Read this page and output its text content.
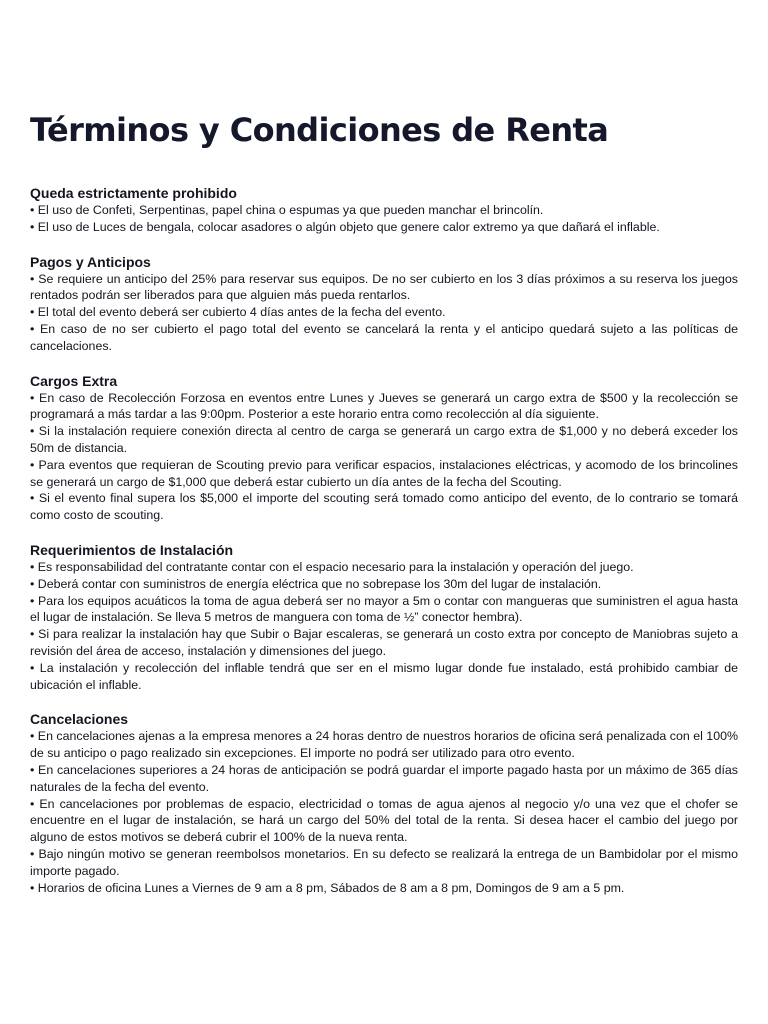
Términos y Condiciones de Renta
Queda estrictamente prohibido

• El uso de Confeti, Serpentinas, papel china o espumas ya que pueden manchar el brincolín.

• El uso de Luces de bengala, colocar asadores o algún objeto que genere calor extremo ya que dañará el inflable.

Pagos y Anticipos

• Se requiere un anticipo del 25% para reservar sus equipos. De no ser cubierto en los 3 días próximos a su reserva los juegos rentados podrán ser liberados para que alguien más pueda rentarlos.

• El total del evento deberá ser cubierto 4 días antes de la fecha del evento.

• En caso de no ser cubierto el pago total del evento se cancelará la renta y el anticipo quedará sujeto a las políticas de cancelaciones.

Cargos Extra

• En caso de Recolección Forzosa en eventos entre Lunes y Jueves se generará un cargo extra de $500 y la recolección se programará a más tardar a las 9:00pm. Posterior a este horario entra como recolección al día siguiente.

• Si la instalación requiere conexión directa al centro de carga se generará un cargo extra de $1,000 y no deberá exceder los 50m de distancia.

• Para eventos que requieran de Scouting previo para verificar espacios, instalaciones eléctricas, y acomodo de los brincolines se generará un cargo de $1,000 que deberá estar cubierto un día antes de la fecha del Scouting.

• Si el evento final supera los $5,000 el importe del scouting será tomado como anticipo del evento, de lo contrario se tomará como costo de scouting.

Requerimientos de Instalación

• Es responsabilidad del contratante contar con el espacio necesario para la instalación y operación del juego.

• Deberá contar con suministros de energía eléctrica que no sobrepase los 30m del lugar de instalación.

• Para los equipos acuáticos la toma de agua deberá ser no mayor a 5m o contar con mangueras que suministren el agua hasta el lugar de instalación. Se lleva 5 metros de manguera con toma de ½” conector hembra).

• Si para realizar la instalación hay que Subir o Bajar escaleras, se generará un costo extra por concepto de Maniobras sujeto a revisión del área de acceso, instalación y dimensiones del juego.

• La instalación y recolección del inflable tendrá que ser en el mismo lugar donde fue instalado, está prohibido cambiar de ubicación el inflable.

Cancelaciones

• En cancelaciones ajenas a la empresa menores a 24 horas dentro de nuestros horarios de oficina será penalizada con el 100% de su anticipo o pago realizado sin excepciones. El importe no podrá ser utilizado para otro evento.

• En cancelaciones superiores a 24 horas de anticipación se podrá guardar el importe pagado hasta por un máximo de 365 días naturales de la fecha del evento.

• En cancelaciones por problemas de espacio, electricidad o tomas de agua ajenos al negocio y/o una vez que el chofer se encuentre en el lugar de instalación, se hará un cargo del 50% del total de la renta. Si desea hacer el cambio del juego por alguno de estos motivos se deberá cubrir el 100% de la nueva renta.

• Bajo ningún motivo se generan reembolsos monetarios. En su defecto se realizará la entrega de un Bambidolar por el mismo importe pagado.

• Horarios de oficina Lunes a Viernes de 9 am a 8 pm, Sábados de 8 am a 8 pm, Domingos de 9 am a 5 pm.
